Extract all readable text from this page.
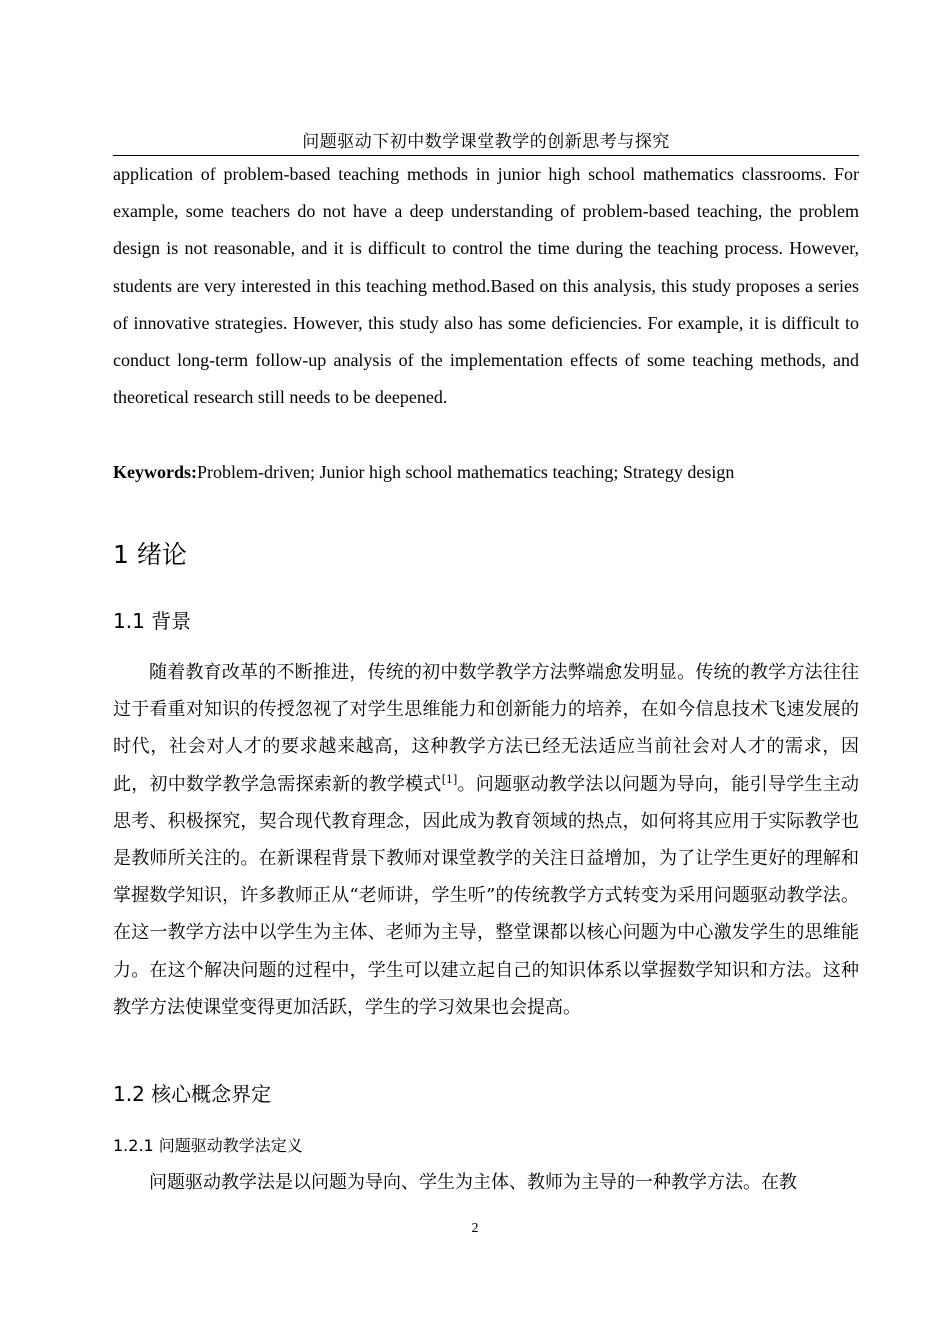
问题驱动下初中数学课堂教学的创新思考与探究

application of problem-based teaching methods in junior high school mathematics classrooms. For example, some teachers do not have a deep understanding of problem-based teaching, the problem design is not reasonable, and it is difficult to control the time during the teaching process. However, students are very interested in this teaching method.Based on this analysis, this study proposes a series of innovative strategies. However, this study also has some deficiencies. For example, it is difficult to conduct long-term follow-up analysis of the implementation effects of some teaching methods, and theoretical research still needs to be deepened.

Keywords:Problem-driven; Junior high school mathematics teaching; Strategy design

1 绪论
1.1 背景

随着教育改革的不断推进，传统的初中数学教学方法弊端愈发明显。传统的教学方法往往过于看重对知识的传授忽视了对学生思维能力和创新能力的培养，在如今信息技术飞速发展的时代，社会对人才的要求越来越高，这种教学方法已经无法适应当前社会对人才的需求，因此，初中数学教学急需探索新的教学模式[1]。问题驱动教学法以问题为导向，能引导学生主动思考、积极探究，契合现代教育理念，因此成为教育领域的热点，如何将其应用于实际教学也是教师所关注的。在新课程背景下教师对课堂教学的关注日益增加，为了让学生更好的理解和掌握数学知识，许多教师正从“老师讲，学生听”的传统教学方式转变为采用问题驱动教学法。在这一教学方法中以学生为主体、老师为主导，整堂课都以核心问题为中心激发学生的思维能力。在这个解决问题的过程中，学生可以建立起自己的知识体系以掌握数学知识和方法。这种教学方法使课堂变得更加活跃，学生的学习效果也会提高。

1.2 核心概念界定
1.2.1 问题驱动教学法定义

问题驱动教学法是以问题为导向、学生为主体、教师为主导的一种教学方法。在教

2
